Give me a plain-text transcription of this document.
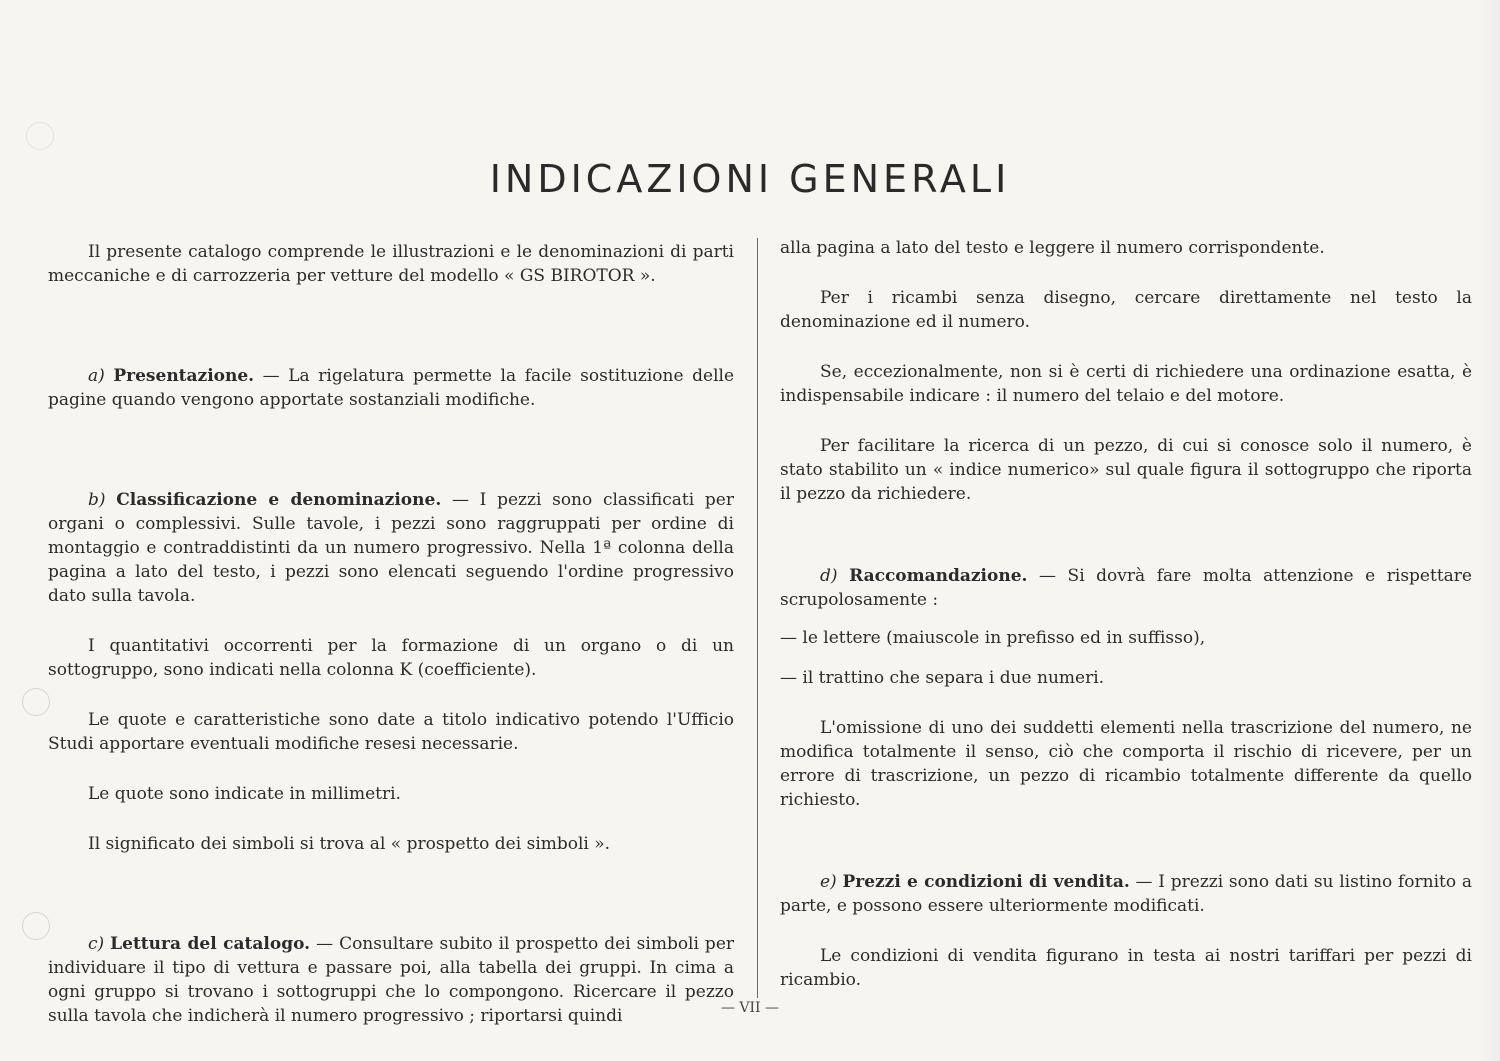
INDICAZIONI GENERALI

Il presente catalogo comprende le illustrazioni e le denominazioni di parti meccaniche e di carrozzeria per vetture del modello « GS BIROTOR ».

a) Presentazione. — La rigelatura permette la facile sostituzione delle pagine quando vengono apportate sostanziali modifiche.

b) Classificazione e denominazione. — I pezzi sono classificati per organi o complessivi. Sulle tavole, i pezzi sono raggruppati per ordine di montaggio e contraddistinti da un numero progressivo. Nella 1ª colonna della pagina a lato del testo, i pezzi sono elencati seguendo l'ordine progressivo dato sulla tavola.

I quantitativi occorrenti per la formazione di un organo o di un sottogruppo, sono indicati nella colonna K (coefficiente).

Le quote e caratteristiche sono date a titolo indicativo potendo l'Ufficio Studi apportare eventuali modifiche resesi necessarie.

Le quote sono indicate in millimetri.

Il significato dei simboli si trova al « prospetto dei simboli ».

c) Lettura del catalogo. — Consultare subito il prospetto dei simboli per individuare il tipo di vettura e passare poi, alla tabella dei gruppi. In cima a ogni gruppo si trovano i sottogruppi che lo compongono. Ricercare il pezzo sulla tavola che indicherà il numero progressivo ; riportarsi quindi

alla pagina a lato del testo e leggere il numero corrispondente.

Per i ricambi senza disegno, cercare direttamente nel testo la denominazione ed il numero.

Se, eccezionalmente, non si è certi di richiedere una ordinazione esatta, è indispensabile indicare : il numero del telaio e del motore.

Per facilitare la ricerca di un pezzo, di cui si conosce solo il numero, è stato stabilito un « indice numerico» sul quale figura il sottogruppo che riporta il pezzo da richiedere.

d) Raccomandazione. — Si dovrà fare molta attenzione e rispettare scrupolosamente :

— le lettere (maiuscole in prefisso ed in suffisso),

— il trattino che separa i due numeri.

L'omissione di uno dei suddetti elementi nella trascrizione del numero, ne modifica totalmente il senso, ciò che comporta il rischio di ricevere, per un errore di trascrizione, un pezzo di ricambio totalmente differente da quello richiesto.

e) Prezzi e condizioni di vendita. — I prezzi sono dati su listino fornito a parte, e possono essere ulteriormente modificati.

Le condizioni di vendita figurano in testa ai nostri tariffari per pezzi di ricambio.

— VII —
